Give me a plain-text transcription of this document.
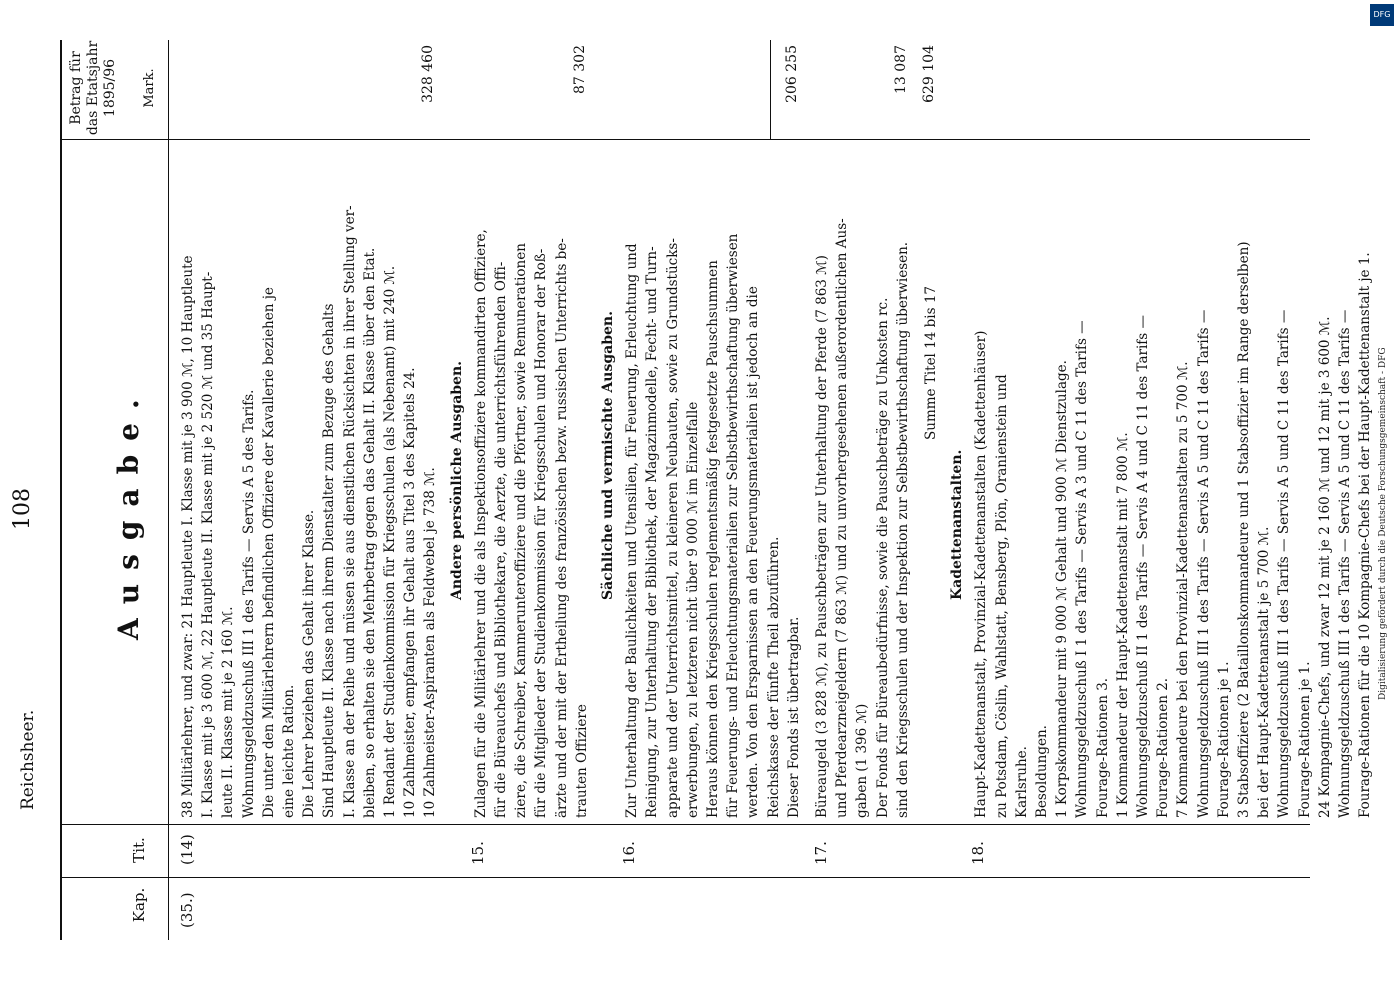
Reichsheer.
108
Kap.
Tit.
Ausgabe.
Betrag für das Etatsjahr 1895/96 Mark.
(35.)
(14)
38 Militärlehrer, und zwar: 21 Hauptleute I. Klasse mit je 3 900 ℳ, 10 Hauptleute I. Klasse mit je 3 600 ℳ, 22 Hauptleute II. Klasse mit je 2 520 ℳ und 35 Haupt- leute II. Klasse mit je 2 160 ℳ. Wohnungsgeldzuschuß III 1 des Tarifs — Servis A 5 des Tarifs. Die unter den Militärlehrern befindlichen Offiziere der Kavallerie beziehen je eine leichte Ration. Die Lehrer beziehen das Gehalt ihrer Klasse. Sind Hauptleute II. Klasse nach ihrem Dienstalter zum Bezuge des Gehalts I. Klasse an der Reihe und müssen sie aus dienstlichen Rücksichten in ihrer Stellung ver- bleiben, so erhalten sie den Mehrbetrag gegen das Gehalt II. Klasse über den Etat. 1 Rendant der Studienkommission für Kriegsschulen (als Nebenamt) mit 240 ℳ. 10 Zahlmeister, empfangen ihr Gehalt aus Titel 3 des Kapitels 24. 10 Zahlmeister-Aspiranten als Feldwebel je 738 ℳ.
328 460
15.
Andere persönliche Ausgaben. Zulagen für die Militärlehrer und die als Inspektionsoffiziere kommandirten Offiziere, für die Büreauchefs und Bibliothekare, die Aerzte, die unterrichtsführenden Offi- ziere, die Schreiber, Kammerunteroffiziere und die Pförtner, sowie Remunerationen für die Mitglieder der Studienkommission für Kriegsschulen und Honorar der Roß- ärzte und der mit der Ertheilung des französischen bezw. russischen Unterrichts be- trauten Offiziere
87 302
16.
Sächliche und vermischte Ausgaben. Zur Unterhaltung der Baulichkeiten und Utensilien, für Feuerung, Erleuchtung und Reinigung, zur Unterhaltung der Bibliothek, der Magazinmodelle, Fecht- und Turn- apparate und der Unterrichtsmittel, zu kleineren Neubauten, sowie zu Grundstücks- erwerbungen, zu letzteren nicht über 9 000 ℳ im Einzelfalle Heraus können den Kriegsschulen reglementsmäßig festgesetzte Pauschsummen für Feuerungs- und Erleuchtungsmaterialien zur Selbstbewirthschaftung überwiesen werden. Von den Ersparnissen an den Feuerungsmaterialien ist jedoch an die Reichskasse der fünfte Theil abzuführen. Dieser Fonds ist übertragbar.
206 255
17.
Büreaugeld (3 828 ℳ), zu Pauschbeträgen zur Unterhaltung der Pferde (7 863 ℳ) und Pferdearzneigeldern (7 863 ℳ) und zu unvorhergesehenen außerordentlichen Aus- gaben (1 396 ℳ) Der Fonds für Büreaubedürfnisse, sowie die Pauschbeträge zu Unkosten rc. sind den Kriegsschulen und der Inspektion zur Selbstbewirthschaftung überwiesen.
13 087
Summe Titel 14 bis 17
629 104
18.
Kadettenanstalten. Haupt-Kadettenanstalt, Provinzial-Kadettenanstalten (Kadettenhäuser) zu Potsdam, Cöslin, Wahlstatt, Bensberg, Plön, Oranienstein und Karlsruhe. Besoldungen. 1 Korpskommandeur mit 9 000 ℳ Gehalt und 900 ℳ Dienstzulage. Wohnungsgeldzuschuß I 1 des Tarifs — Servis A 3 und C 11 des Tarifs — Fourage-Rationen 3. 1 Kommandeur der Haupt-Kadettenanstalt mit 7 800 ℳ. Wohnungsgeldzuschuß II 1 des Tarifs — Servis A 4 und C 11 des Tarifs — Fourage-Rationen 2. 7 Kommandeure bei den Provinzial-Kadettenanstalten zu 5 700 ℳ. Wohnungsgeldzuschuß III 1 des Tarifs — Servis A 5 und C 11 des Tarifs — Fourage-Rationen je 1. 3 Stabsoffiziere (2 Bataillonskommandeure und 1 Stabsoffizier im Range derselben) bei der Haupt-Kadettenanstalt je 5 700 ℳ. Wohnungsgeldzuschuß III 1 des Tarifs — Servis A 5 und C 11 des Tarifs — Fourage-Rationen je 1. 24 Kompagnie-Chefs, und zwar 12 mit je 2 160 ℳ und 12 mit je 3 600 ℳ. Wohnungsgeldzuschuß III 1 des Tarifs — Servis A 5 und C 11 des Tarifs — Fourage-Rationen für die 10 Kompagnie-Chefs bei der Haupt-Kadettenanstalt je 1. Digitalisierung gefördert durch die Deutsche Forschungsgemeinschaft - DFG
DFG
